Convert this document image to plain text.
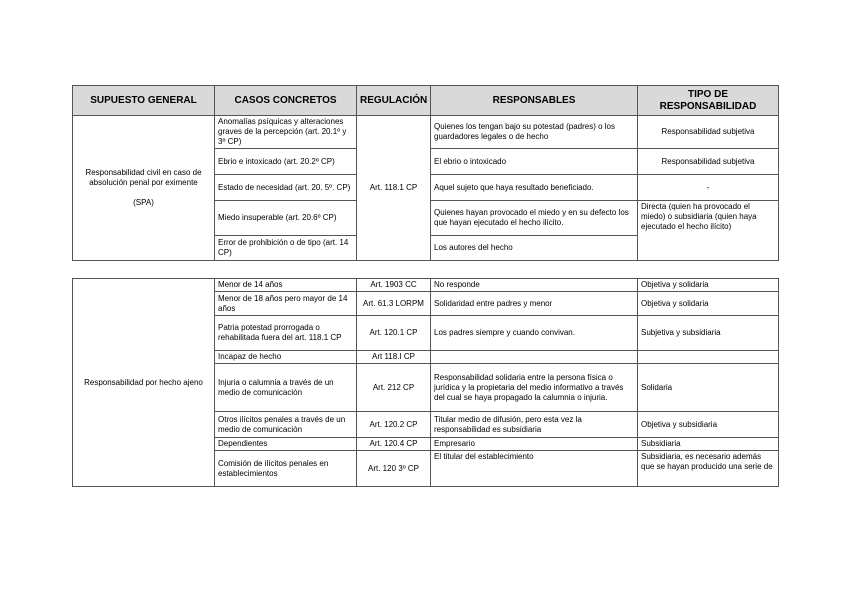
SUPUESTO GENERAL	CASOS CONCRETOS	REGULACIÓN	RESPONSABLES	TIPO DE RESPONSABILIDAD
Responsabilidad civil en caso de absolución penal por eximente

(SPA)	Anomalías psíquicas y alteraciones graves de la percepción (art. 20.1º y 3º CP)	Art. 118.1 CP	Quienes los tengan bajo su potestad (padres) o los guardadores legales o de hecho	Responsabilidad subjetiva
	Ebrio e intoxicado (art. 20.2º CP)		El ebrio o intoxicado	Responsabilidad subjetiva
	Estado de necesidad (art. 20. 5º. CP)		Aquel sujeto que haya resultado beneficiado.	-
	Miedo insuperable (art. 20.6º CP)		Quienes hayan provocado el miedo y en su defecto los que hayan ejecutado el hecho ilícito.	Directa (quien ha provocado el miedo) o subsidiaria (quien haya ejecutado el hecho ilícito)
	Error de prohibición o de tipo (art. 14 CP)		Los autores del hecho	
Responsabilidad por hecho ajeno	Menor de 14 años	Art. 1903 CC	No responde	Objetiva y solidaria
	Menor de 18 años pero mayor de 14 años	Art. 61.3 LORPM	Solidaridad entre padres y menor	Objetiva y solidaria
	Patria potestad prorrogada o rehabilitada fuera del art. 118.1 CP	Art. 120.1 CP	Los padres siempre y cuando convivan.	Subjetiva y subsidiaria
	Incapaz de hecho	Art 118.I CP		
	Injuria o calumnia a través de un medio de comunicación	Art. 212 CP	Responsabilidad solidaria entre la persona física o jurídica y la propietaria del medio informativo a través del cual se haya propagado la calumnia o injuria.	Solidaria
	Otros ilícitos penales a través de un medio de comunicación	Art. 120.2 CP	Titular medio de difusión, pero esta vez la responsabilidad es subsidiaria	Objetiva y subsidiaria
	Dependientes	Art. 120.4 CP	Empresario	Subsidiaria
	Comisión de ilícitos penales en establecimientos	Art. 120 3º CP	El titular del establecimiento	Subsidiaria, es necesario además que se hayan producido una serie de
